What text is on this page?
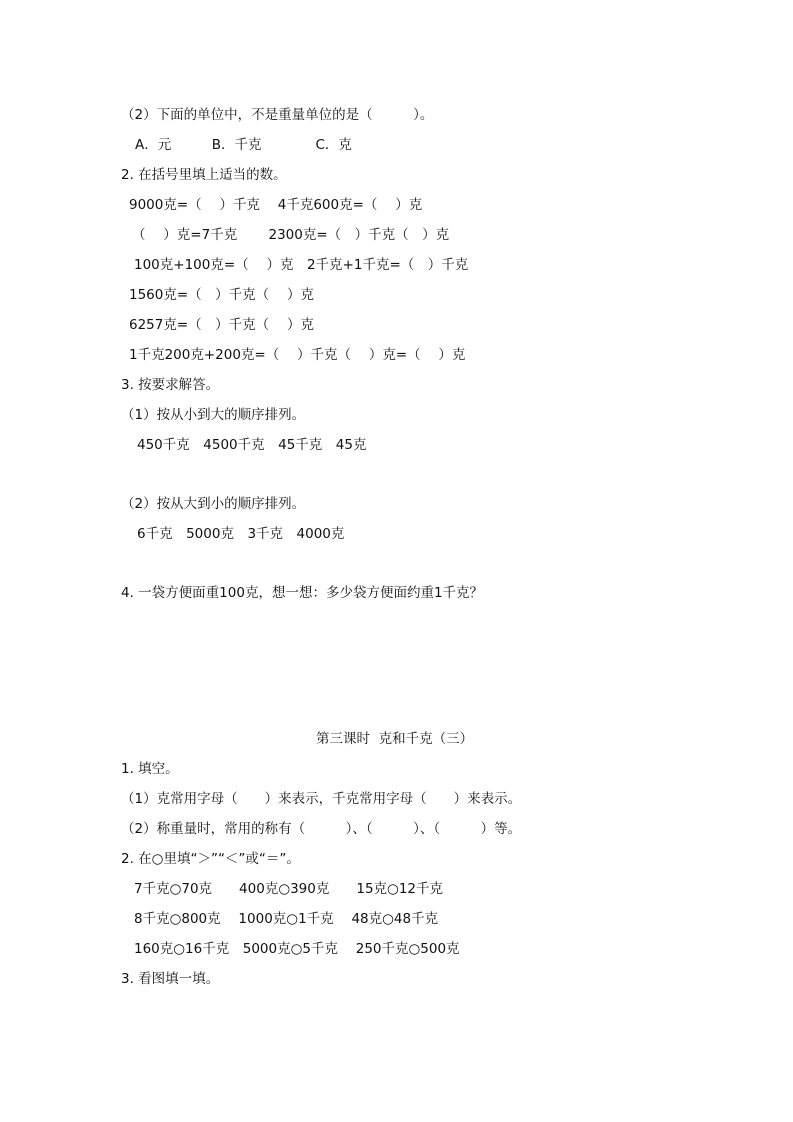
（2）下面的单位中，不是重量单位的是（　　　）。
A．元　　　B．千克　　　　C．克
2. 在括号里填上适当的数。
9000克=（　 ）千克　 4千克600克=（　 ）克
（　 ）克=7千克　　 2300克=（　）千克（　）克
100克+100克=（　 ）克　2千克+1千克=（　）千克
1560克=（　）千克（　 ）克
6257克=（　）千克（　 ）克
1千克200克+200克=（　 ）千克（　 ）克=（　 ）克
3. 按要求解答。
（1）按从小到大的顺序排列。
450千克　4500千克　45千克　45克
（2）按从大到小的顺序排列。
6千克　5000克　3千克　4000克
4. 一袋方便面重100克，想一想：多少袋方便面约重1千克？
第三课时  克和千克（三）
1. 填空。
（1）克常用字母（　　）来表示，千克常用字母（　　）来表示。
（2）称重量时，常用的称有（　　　）、（　　　）、（　　　）等。
2. 在○里填“＞”“＜”或“＝”。
7千克○70克　　400克○390克　　15克○12千克
8千克○800克　 1000克○1千克　 48克○48千克
160克○16千克　5000克○5千克　 250千克○500克
3. 看图填一填。
